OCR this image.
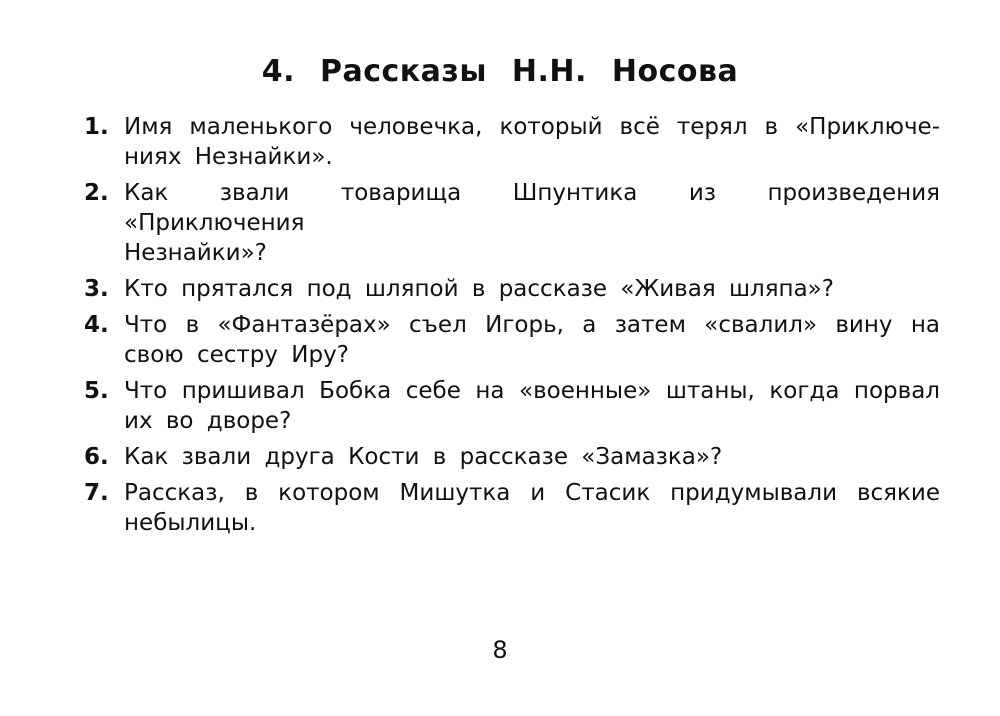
4. Рассказы Н.Н. Носова
1. Имя маленького человечка, который всё терял в «Приключе-
ниях Незнайки».
2. Как звали товарища Шпунтика из произведения «Приключения
Незнайки»?
3. Кто прятался под шляпой в рассказе «Живая шляпа»?
4. Что в «Фантазёрах» съел Игорь, а затем «свалил» вину на
свою сестру Иру?
5. Что пришивал Бобка себе на «военные» штаны, когда порвал
их во дворе?
6. Как звали друга Кости в рассказе «Замазка»?
7. Рассказ, в котором Мишутка и Стасик придумывали всякие
небылицы.
8
